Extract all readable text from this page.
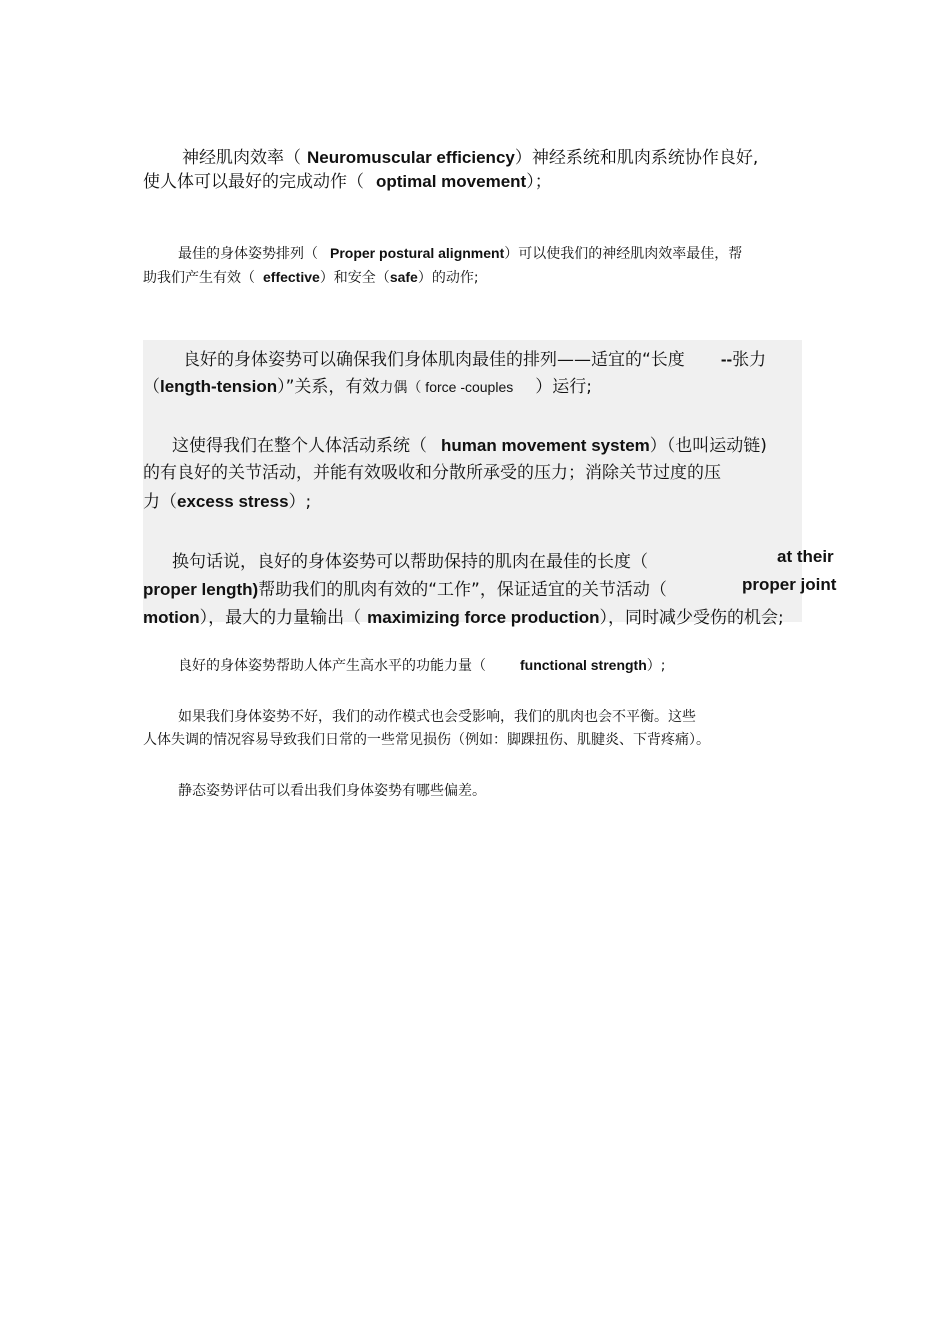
神经肌肉效率（ Neuromuscular efficiency）神经系统和肌肉系统协作良好,
使人体可以最好的完成动作（ optimal movement）；
最佳的身体姿势排列（ Proper postural alignment）可以使我们的神经肌肉效率最佳，帮
助我们产生有效（ effective）和安全（safe）的动作;
良好的身体姿势可以确保我们身体肌肉最佳的排列——适宜的“长度 --张力
（length-tension）”关系，有效力偶（ force -couples ）运行;
这使得我们在整个人体活动系统（ human movement system）（也叫运动链)
的有良好的关节活动，并能有效吸收和分散所承受的压力；消除关节过度的压
力（excess stress）;
换句话说，良好的身体姿势可以帮助保持的肌肉在最佳的长度（	at their
proper length)帮助我们的肌肉有效的“工作”，保证适宜的关节活动（	proper joint
motion），最大的力量输出（ maximizing force production），同时减少受伤的机会;
良好的身体姿势帮助人体产生高水平的功能力量（ functional strength）;
如果我们身体姿势不好，我们的动作模式也会受影响，我们的肌肉也会不平衡。这些
人体失调的情况容易导致我们日常的一些常见损伤（例如：脚踝扭伤、肌腱炎、下背疼痛）。
静态姿势评估可以看出我们身体姿势有哪些偏差。
